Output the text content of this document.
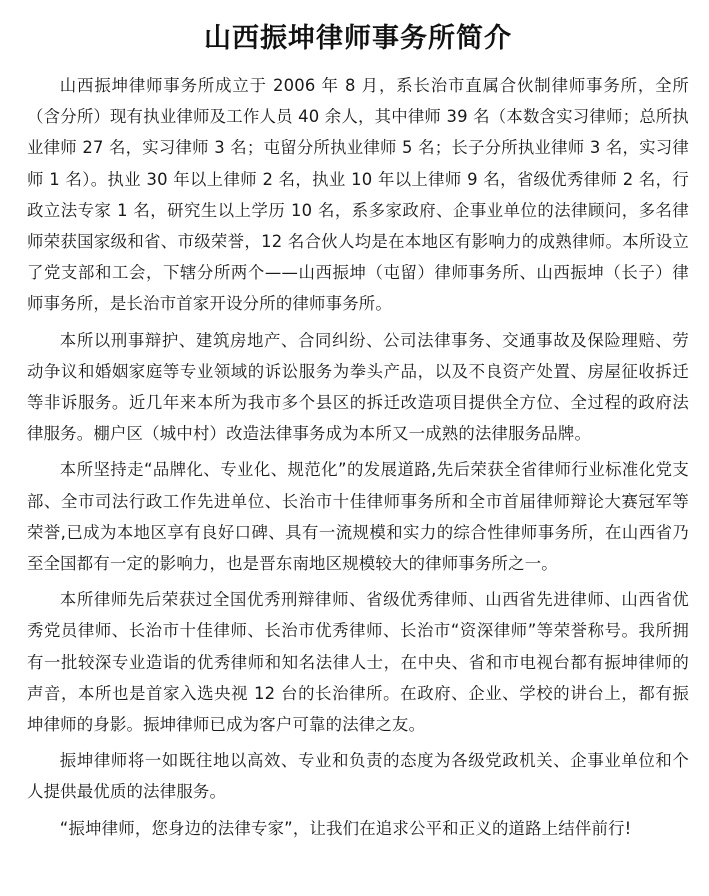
山西振坤律师事务所简介

山西振坤律师事务所成立于 2006 年 8 月，系长治市直属合伙制律师事务所，全所（含分所）现有执业律师及工作人员 40 余人，其中律师 39 名（本数含实习律师；总所执业律师 27 名，实习律师 3 名；屯留分所执业律师 5 名；长子分所执业律师 3 名，实习律师 1 名）。执业 30 年以上律师 2 名，执业 10 年以上律师 9 名，省级优秀律师 2 名，行政立法专家 1 名，研究生以上学历 10 名，系多家政府、企事业单位的法律顾问，多名律师荣获国家级和省、市级荣誉，12 名合伙人均是在本地区有影响力的成熟律师。本所设立了党支部和工会，下辖分所两个——山西振坤（屯留）律师事务所、山西振坤（长子）律师事务所，是长治市首家开设分所的律师事务所。

本所以刑事辩护、建筑房地产、合同纠纷、公司法律事务、交通事故及保险理赔、劳动争议和婚姻家庭等专业领域的诉讼服务为拳头产品，以及不良资产处置、房屋征收拆迁等非诉服务。近几年来本所为我市多个县区的拆迁改造项目提供全方位、全过程的政府法律服务。棚户区（城中村）改造法律事务成为本所又一成熟的法律服务品牌。

本所坚持走“品牌化、专业化、规范化”的发展道路,先后荣获全省律师行业标准化党支部、全市司法行政工作先进单位、长治市十佳律师事务所和全市首届律师辩论大赛冠军等荣誉,已成为本地区享有良好口碑、具有一流规模和实力的综合性律师事务所，在山西省乃至全国都有一定的影响力，也是晋东南地区规模较大的律师事务所之一。

本所律师先后荣获过全国优秀刑辩律师、省级优秀律师、山西省先进律师、山西省优秀党员律师、长治市十佳律师、长治市优秀律师、长治市“资深律师”等荣誉称号。我所拥有一批较深专业造诣的优秀律师和知名法律人士，在中央、省和市电视台都有振坤律师的声音，本所也是首家入选央视 12 台的长治律所。在政府、企业、学校的讲台上，都有振坤律师的身影。振坤律师已成为客户可靠的法律之友。

振坤律师将一如既往地以高效、专业和负责的态度为各级党政机关、企事业单位和个人提供最优质的法律服务。

“振坤律师，您身边的法律专家”，让我们在追求公平和正义的道路上结伴前行!
